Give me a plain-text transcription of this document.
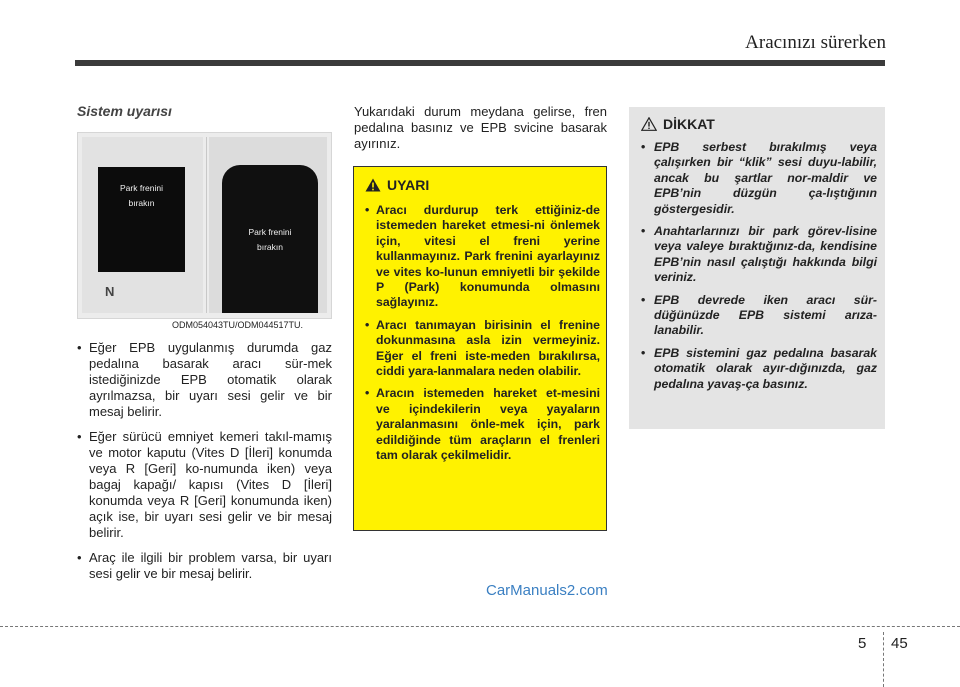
Aracınızı sürerken
Sistem uyarısı
Park frenini
bırakın
N
Park frenini
bırakın
ODM054043TU/ODM044517TU.
• Eğer EPB uygulanmış durumda gaz pedalına basarak aracı sür-mek istediğinizde EPB otomatik olarak ayrılmazsa, bir uyarı sesi gelir ve bir mesaj belirir.
• Eğer sürücü emniyet kemeri takıl-mamış ve motor kaputu (Vites D [İleri] konumda veya R [Geri] ko-numunda iken) veya bagaj kapağı/ kapısı (Vites D [İleri] konumda veya R [Geri] konumunda iken) açık ise, bir uyarı sesi gelir ve bir mesaj belirir.
• Araç ile ilgili bir problem varsa, bir uyarı sesi gelir ve bir mesaj belirir.
Yukarıdaki durum meydana gelirse, fren pedalına basınız ve EPB svicine basarak ayırınız.
UYARI
• Aracı durdurup terk ettiğiniz-de istemeden hareket etmesi-ni önlemek için, vitesi el freni yerine kullanmayınız. Park frenini ayarlayınız ve vites ko-lunun emniyetli bir şekilde P (Park) konumunda olmasını sağlayınız.
• Aracı tanımayan birisinin el frenine dokunmasına asla izin vermeyiniz. Eğer el freni iste-meden bırakılırsa, ciddi yara-lanmalara neden olabilir.
• Aracın istemeden hareket et-mesini ve içindekilerin veya yayaların yaralanmasını önle-mek için, park edildiğinde tüm araçların el frenleri tam olarak çekilmelidir.
DİKKAT
• EPB serbest bırakılmış veya çalışırken bir “klik” sesi duyu-labilir, ancak bu şartlar nor-maldir ve EPB’nin düzgün ça-lıştığının göstergesidir.
• Anahtarlarınızı bir park görev-lisine veya valeye bıraktığınız-da, kendisine EPB’nin nasıl çalıştığı hakkında bilgi veriniz.
• EPB devrede iken aracı sür-düğünüzde EPB sistemi arıza-lanabilir.
• EPB sistemini gaz pedalına basarak otomatik olarak ayır-dığınızda, gaz pedalına yavaş-ça basınız.
CarManuals2.com
5 45
